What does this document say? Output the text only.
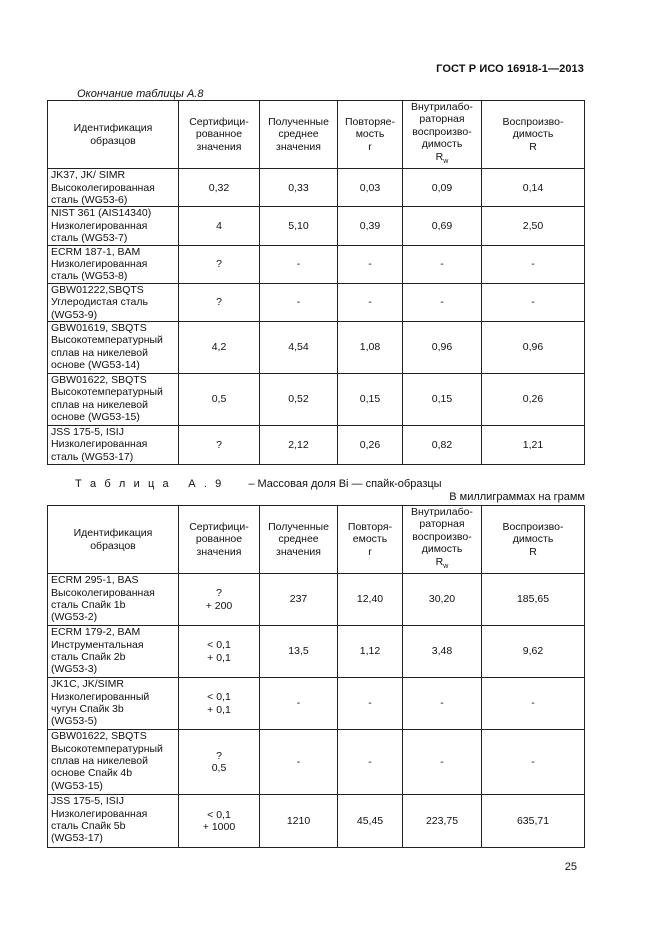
ГОСТ Р ИСО 16918-1—2013
Окончание таблицы А.8
Идентификация
образцов	Сертифици-
рованное
значения	Полученные
среднее
значения	Повторяе-
мость
r	Внутрилабо-
раторная
воспроизво-
димость
$R_w$	Воспроизво-
димость
R
JK37, JK/ SIMR
Высоколегированная
сталь (WG53-6)	0,32	0,33	0,03	0,09	0,14
NIST 361 (AIS14340)
Низколегированная
сталь (WG53-7)	4	5,10	0,39	0,69	2,50
ECRM 187-1, BAM
Низколегированная
сталь (WG53-8)	?	-	-	-	-
GBW01222,SBQTS
Углеродистая сталь
(WG53-9)	?	-	-	-	-
GBW01619, SBQTS
Высокотемпературный
сплав на никелевой
основе (WG53-14)	4,2	4,54	1,08	0,96	0,96
GBW01622, SBQTS
Высокотемпературный
сплав на никелевой
основе (WG53-15)	0,5	0,52	0,15	0,15	0,26
JSS 175-5, ISIJ
Низколегированная
сталь (WG53-17)	?	2,12	0,26	0,82	1,21
Т а б л и ц а   А . 9 – Массовая доля Bi — спайк-образцы
В миллиграммах на грамм
Идентификация
образцов	Сертифици-
рованное
значения	Полученные
среднее
значения	Повторя-
емость
r	Внутрилабо-
раторная
воспроизво-
димость
$R_w$	Воспроизво-
димость
R
ECRM 295-1, BAS
Высоколегированная
сталь Спайк 1b
(WG53-2)	?
+ 200	237	12,40	30,20	185,65
ECRM 179-2, BAM
Инструментальная
сталь Спайк 2b
(WG53-3)	< 0,1
+ 0,1	13,5	1,12	3,48	9,62
JK1C, JK/SIMR
Низколегированный
чугун Спайк 3b
(WG53-5)	< 0,1
+ 0,1	-	-	-	-
GBW01622, SBQTS
Высокотемпературный
сплав на никелевой
основе Спайк 4b
(WG53-15)	?
0,5	-	-	-	-
JSS 175-5, ISIJ
Низколегированная
сталь Спайк 5b
(WG53-17)	< 0,1
+ 1000	1210	45,45	223,75	635,71
25
